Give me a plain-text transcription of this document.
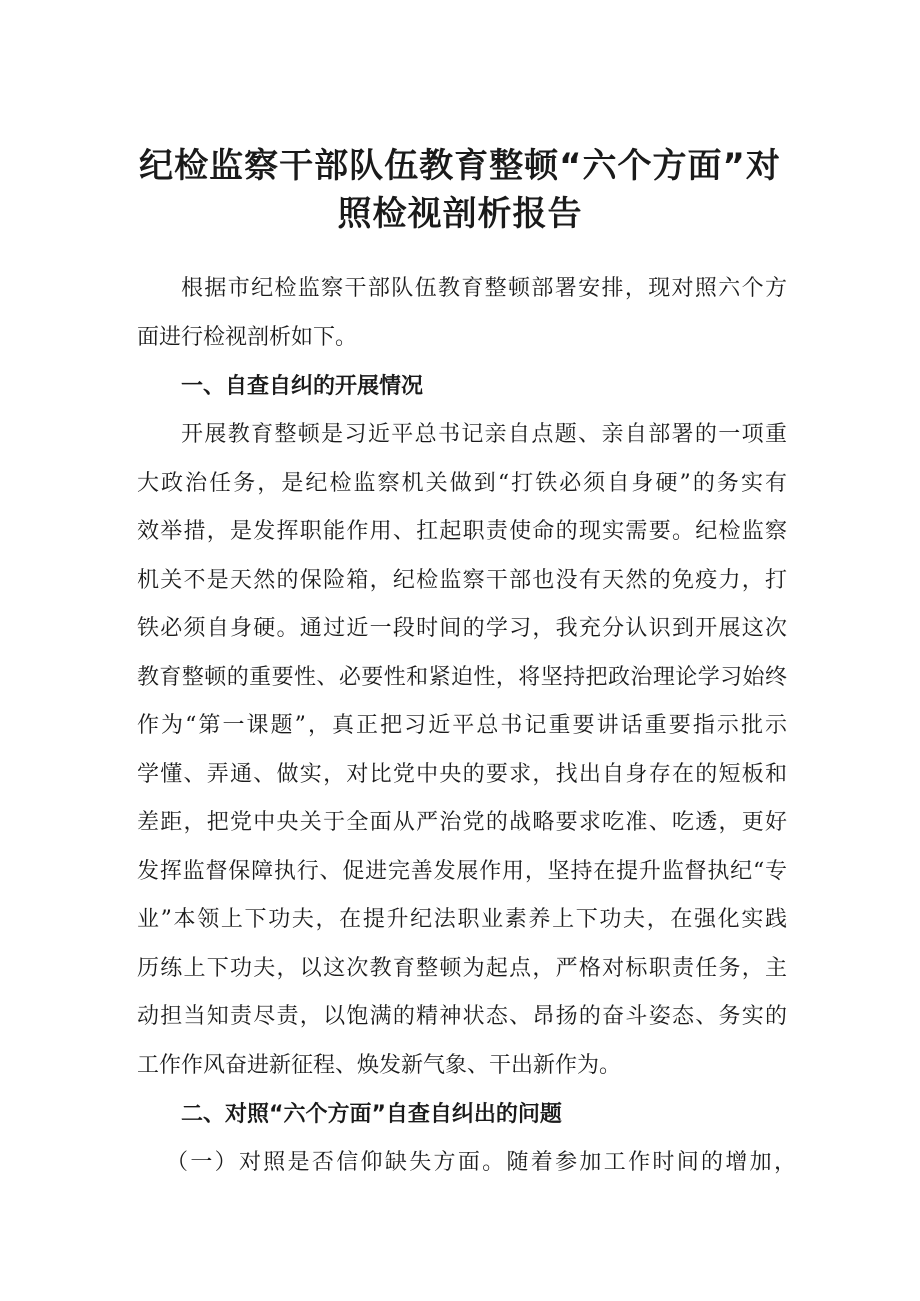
纪检监察干部队伍教育整顿“六个方面”对
照检视剖析报告

根据市纪检监察干部队伍教育整顿部署安排，现对照六个方

面进行检视剖析如下。

一、自查自纠的开展情况

开展教育整顿是习近平总书记亲自点题、亲自部署的一项重

大政治任务，是纪检监察机关做到“打铁必须自身硬”的务实有

效举措，是发挥职能作用、扛起职责使命的现实需要。纪检监察

机关不是天然的保险箱，纪检监察干部也没有天然的免疫力，打

铁必须自身硬。通过近一段时间的学习，我充分认识到开展这次

教育整顿的重要性、必要性和紧迫性，将坚持把政治理论学习始终

作为“第一课题”，真正把习近平总书记重要讲话重要指示批示

学懂、弄通、做实，对比党中央的要求，找出自身存在的短板和

差距，把党中央关于全面从严治党的战略要求吃准、吃透，更好

发挥监督保障执行、促进完善发展作用，坚持在提升监督执纪“专

业”本领上下功夫，在提升纪法职业素养上下功夫，在强化实践

历练上下功夫，以这次教育整顿为起点，严格对标职责任务，主

动担当知责尽责，以饱满的精神状态、昂扬的奋斗姿态、务实的

工作作风奋进新征程、焕发新气象、干出新作为。

二、对照“六个方面”自查自纠出的问题

（一）对照是否信仰缺失方面。随着参加工作时间的增加，
